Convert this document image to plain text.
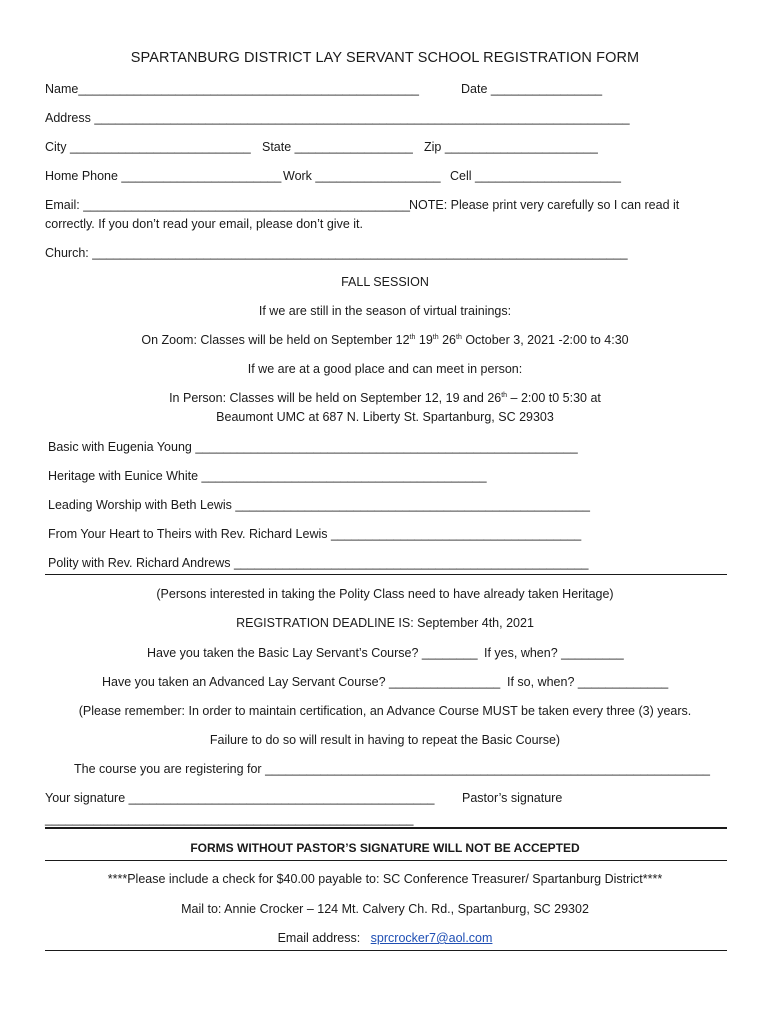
SPARTANBURG DISTRICT LAY SERVANT SCHOOL REGISTRATION FORM
Name_________________________________________________	Date ________________
Address _____________________________________________________________________________
City __________________________ State _________________ Zip ______________________
Home Phone _______________________ Work __________________ Cell _____________________
Email: _______________________________________________ NOTE: Please print very carefully so I can read it
correctly. If you don’t read your email, please don’t give it.
Church: _____________________________________________________________________________
FALL SESSION
If we are still in the season of virtual trainings:
On Zoom: Classes will be held on September 12th 19th 26th October 3, 2021 -2:00 to 4:30
If we are at a good place and can meet in person:
In Person: Classes will be held on September 12, 19 and 26th – 2:00 t0 5:30 at
Beaumont UMC at 687 N. Liberty St. Spartanburg, SC 29303
Basic with Eugenia Young _______________________________________________________
Heritage with Eunice White _________________________________________
Leading Worship with Beth Lewis ___________________________________________________
From Your Heart to Theirs with Rev. Richard Lewis ____________________________________
Polity with Rev. Richard Andrews ___________________________________________________
(Persons interested in taking the Polity Class need to have already taken Heritage)
REGISTRATION DEADLINE IS: September 4th, 2021
Have you taken the Basic Lay Servant’s Course? ________ If yes, when? _________
Have you taken an Advanced Lay Servant Course? ________________ If so, when? _____________
(Please remember: In order to maintain certification, an Advance Course MUST be taken every three (3) years.
Failure to do so will result in having to repeat the Basic Course)
The course you are registering for ________________________________________________________________
Your signature ____________________________________________ Pastor’s signature
_____________________________________________________
FORMS WITHOUT PASTOR’S SIGNATURE WILL NOT BE ACCEPTED
****Please include a check for $40.00 payable to: SC Conference Treasurer/ Spartanburg District****
Mail to: Annie Crocker – 124 Mt. Calvery Ch. Rd., Spartanburg, SC 29302
Email address: sprcrocker7@aol.com
